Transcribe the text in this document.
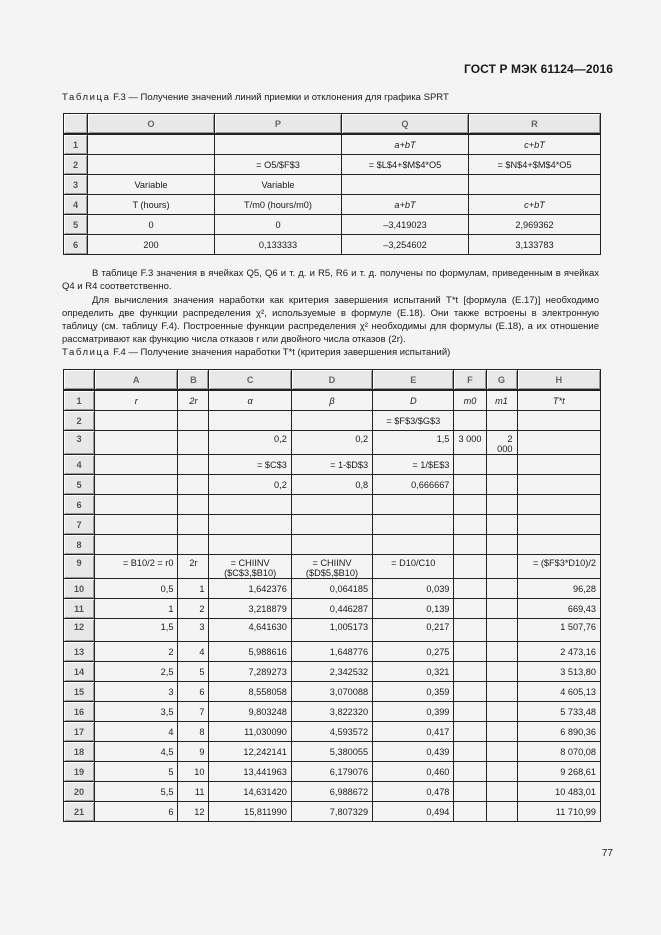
ГОСТ Р МЭК 61124—2016
Таблица F.3 — Получение значений линий приемки и отклонения для графика SPRT
	O	P	Q	R
1			a+bT	c+bT
2		= O5/$F$3	= $L$4+$M$4*O5	= $N$4+$M$4*O5
3	Variable	Variable		
4	T (hours)	T/m0 (hours/m0)	a+bT	c+bT
5	0	0	–3,419023	2,969362
6	200	0,133333	–3,254602	3,133783

В таблице F.3 значения в ячейках Q5, Q6 и т. д. и R5, R6 и т. д. получены по формулам, приведенным в ячейках Q4 и R4 соответственно.

Для вычисления значения наработки как критерия завершения испытаний T*t [формула (E.17)] необходимо определить две функции распределения χ², используемые в формуле (E.18). Они также встроены в электронную таблицу (см. таблицу F.4). Построенные функции распределения χ² необходимы для формулы (E.18), а их отношение рассматривают как функцию числа отказов r или двойного числа отказов (2r).

Таблица F.4 — Получение значения наработки T*t (критерия завершения испытаний)
	A	B	C	D	E	F	G	H
1	r	2r	α	β	D	m0	m1	T*t
2					= $F$3/$G$3			
3			0,2	0,2	1,5	3 000	2 000	
4			= $C$3	= 1-$D$3	= 1/$E$3			
5			0,2	0,8	0,666667			
6								
7								
8								
9	= B10/2 = r0	2r	= CHIINV ($C$3,$B10)	= CHIINV ($D$5,$B10)	= D10/C10			= ($F$3*D10)/2
10	0,5	1	1,642376	0,064185	0,039			96,28
11	1	2	3,218879	0,446287	0,139			669,43
12	1,5	3	4,641630	1,005173	0,217			1 507,76
13	2	4	5,988616	1,648776	0,275			2 473,16
14	2,5	5	7,289273	2,342532	0,321			3 513,80
15	3	6	8,558058	3,070088	0,359			4 605,13
16	3,5	7	9,803248	3,822320	0,399			5 733,48
17	4	8	11,030090	4,593572	0,417			6 890,36
18	4,5	9	12,242141	5,380055	0,439			8 070,08
19	5	10	13,441963	6,179076	0,460			9 268,61
20	5,5	11	14,631420	6,988672	0,478			10 483,01
21	6	12	15,811990	7,807329	0,494			11 710,99
77
